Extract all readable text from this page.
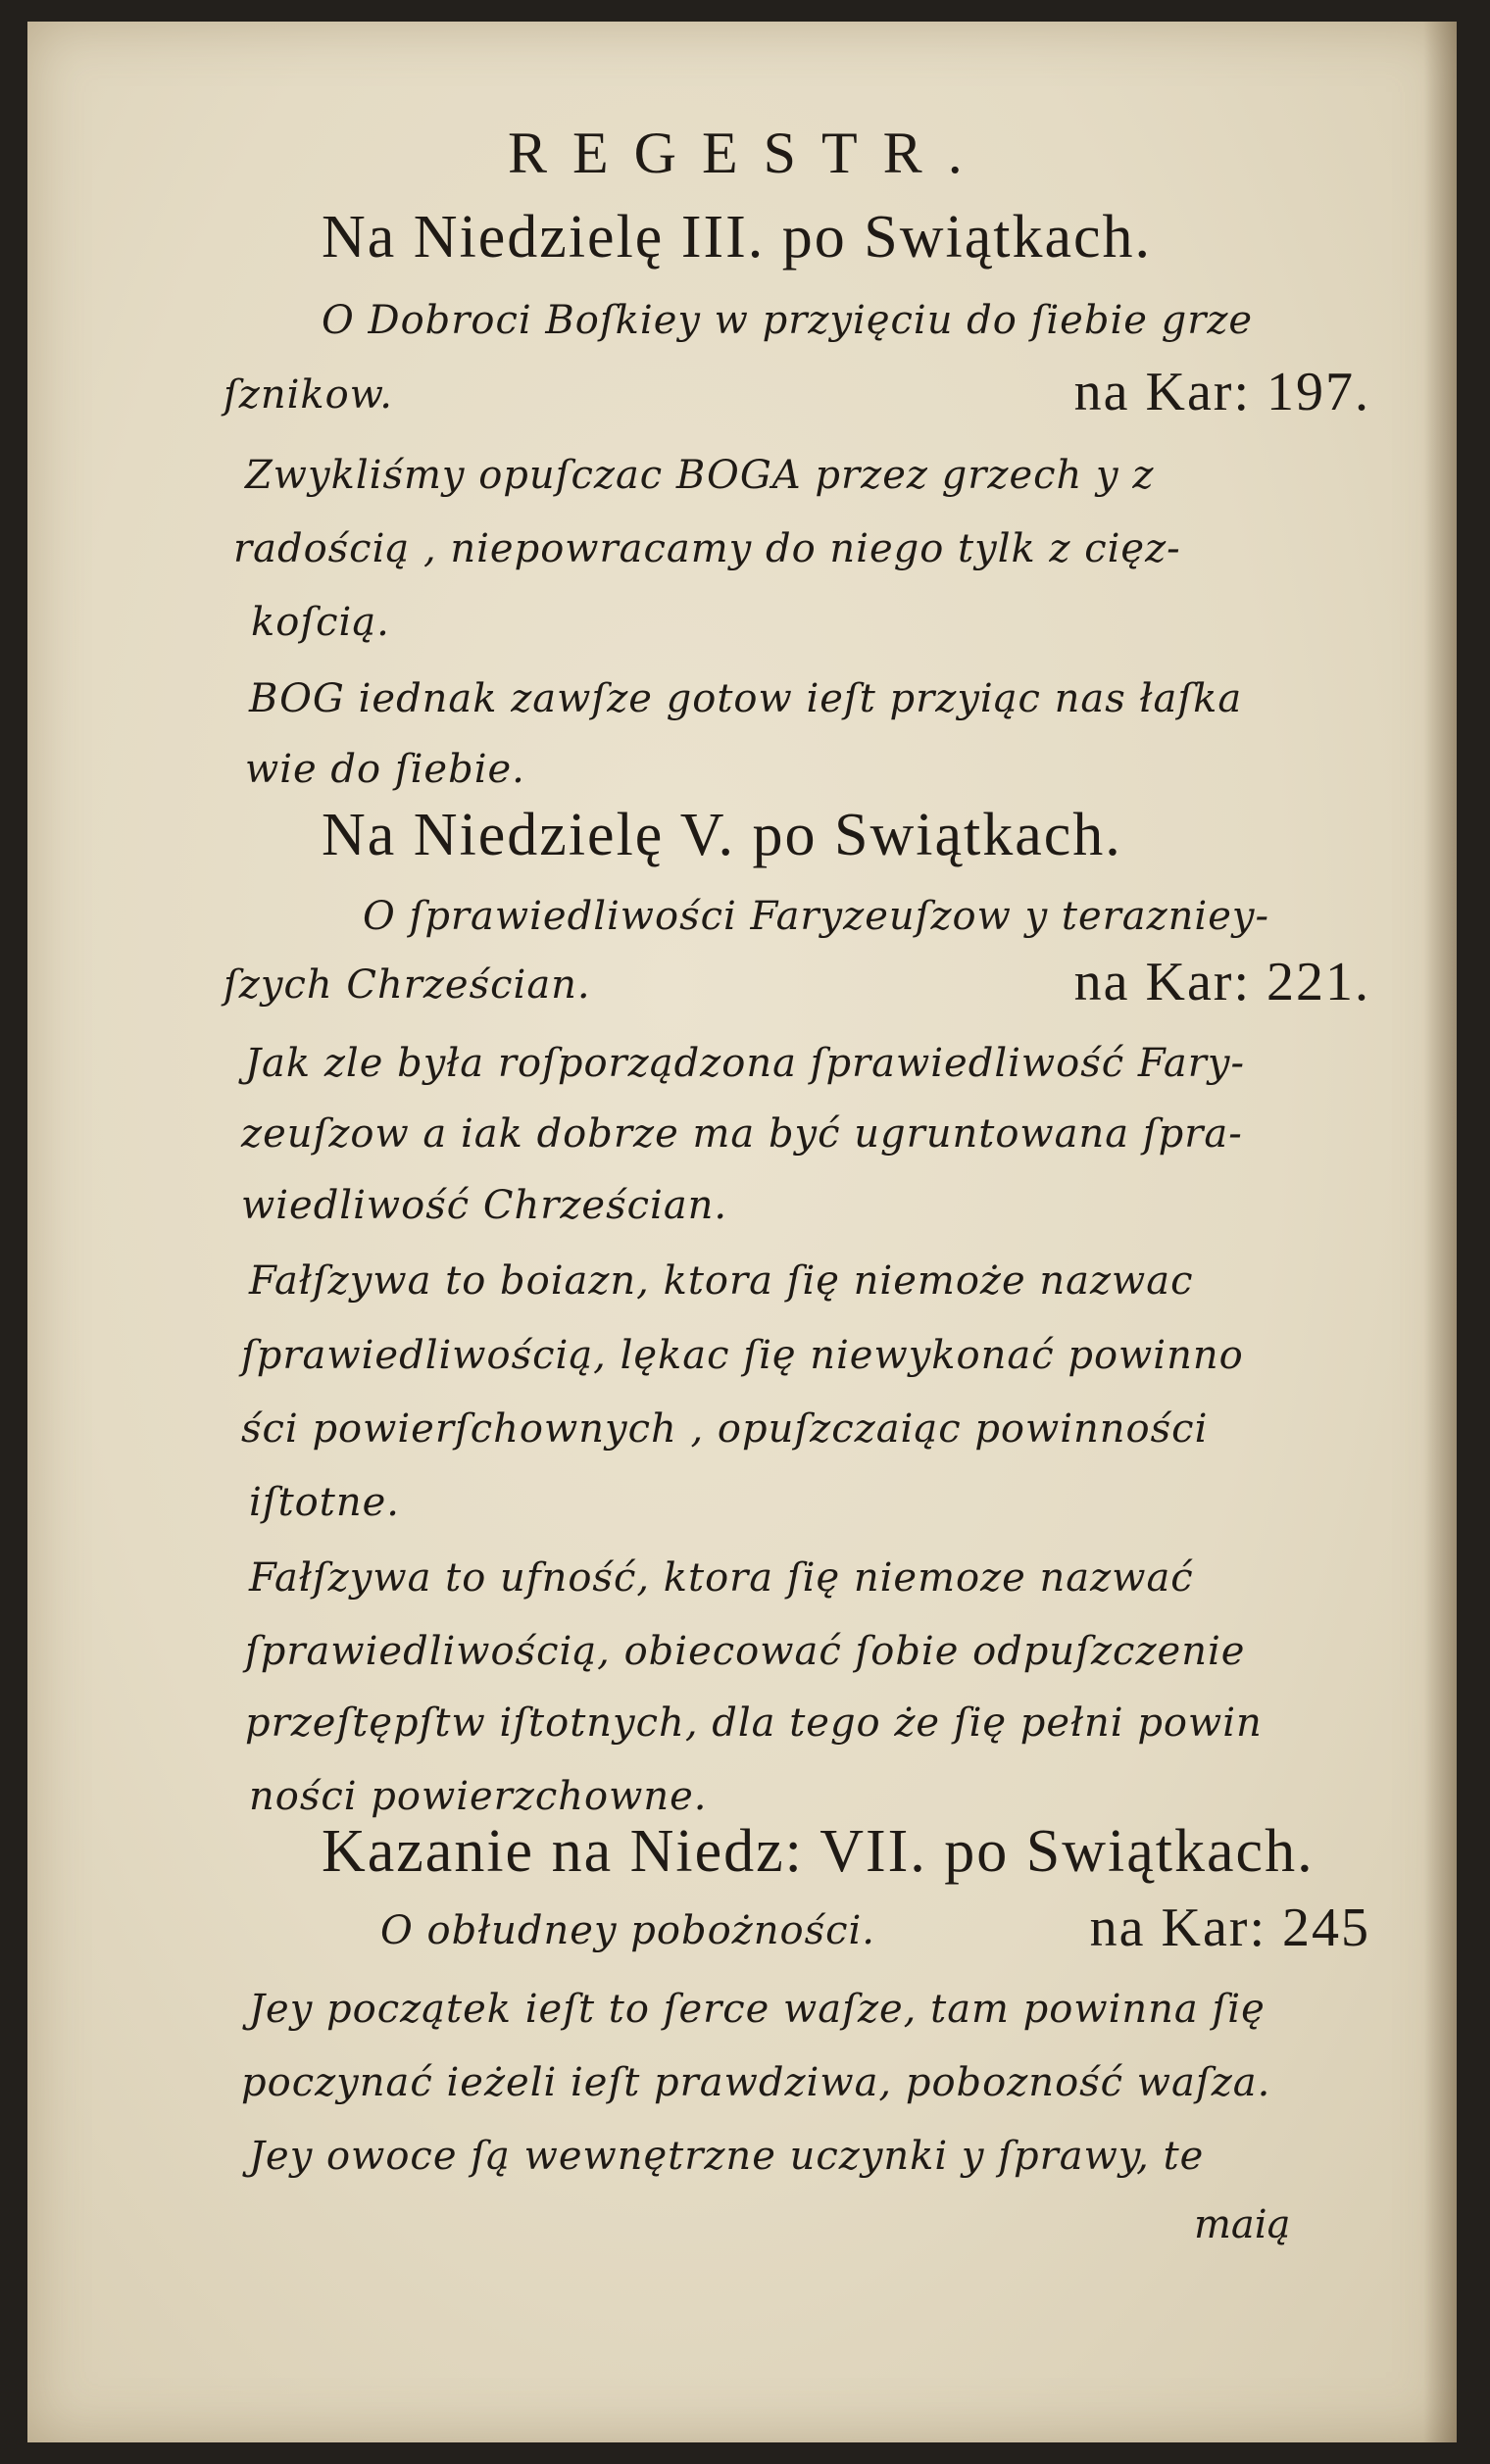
REGESTR.

Na Niedzielę III. po Swiątkach.

O Dobroci Boſkiey w przyięciu do ſiebie grze

ſznikow.	na Kar: 197.

Zwykliśmy opuſczac BOGA przez grzech y z

radością , niepowracamy do niego tylk z cięz-

koſcią.

BOG iednak zawſze gotow ieſt przyiąc nas łaſka

wie do ſiebie.

Na Niedzielę V. po Swiątkach.

O ſprawiedliwości Faryzeuſzow y terazniey-

ſzych Chrześcian.	na Kar: 221.

Jak zle była roſporządzona ſprawiedliwość Fary-

zeuſzow a iak dobrze ma być ugruntowana ſpra-

wiedliwość Chrześcian.

Fałſzywa to boiazn, ktora ſię niemoże nazwac

ſprawiedliwością, lękac ſię niewykonać powinno

ści powierſchownych , opuſzczaiąc powinności

iſtotne.

Fałſzywa to ufność, ktora ſię niemoze nazwać

ſprawiedliwością, obiecować ſobie odpuſzczenie

przeſtępſtw iſtotnych, dla tego że ſię pełni powin

ności powierzchowne.

Kazanie na Niedz: VII. po Swiątkach.

O obłudney pobożności.	na Kar: 245

Jey początek ieſt to ſerce waſze, tam powinna ſię

poczynać ieżeli ieſt prawdziwa, pobozność waſza.

Jey owoce ſą wewnętrzne uczynki y ſprawy, te

maią
